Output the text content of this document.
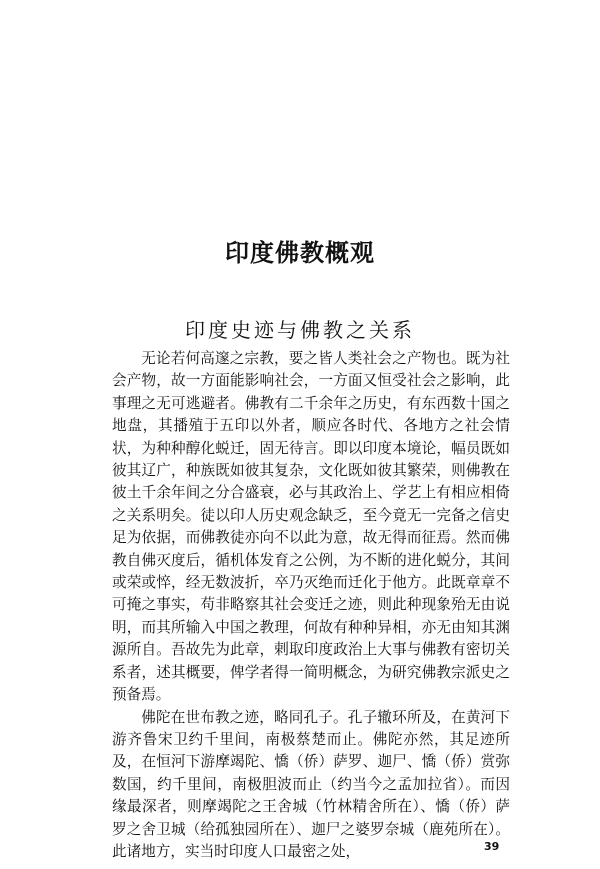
印度佛教概观
印度史迹与佛教之关系

无论若何高邃之宗教，要之皆人类社会之产物也。既为社会产物，故一方面能影响社会，一方面又恒受社会之影响，此事理之无可逃避者。佛教有二千余年之历史，有东西数十国之地盘，其播殖于五印以外者，顺应各时代、各地方之社会情状，为种种醇化蜕迁，固无待言。即以印度本境论，幅员既如彼其辽广，种族既如彼其复杂，文化既如彼其繁荣，则佛教在彼土千余年间之分合盛衰，必与其政治上、学艺上有相应相倚之关系明矣。徒以印人历史观念缺乏，至今竟无一完备之信史足为依据，而佛教徒亦向不以此为意，故无得而征焉。然而佛教自佛灭度后，循机体发育之公例，为不断的进化蜕分，其间或荣或悴，经无数波折，卒乃灭绝而迁化于他方。此既章章不可掩之事实，苟非略察其社会变迁之迹，则此种现象殆无由说明，而其所输入中国之教理，何故有种种异相，亦无由知其渊源所自。吾故先为此章，剌取印度政治上大事与佛教有密切关系者，述其概要，俾学者得一简明概念，为研究佛教宗派史之预备焉。

佛陀在世布教之迹，略同孔子。孔子辙环所及，在黄河下游齐鲁宋卫约千里间，南极蔡楚而止。佛陀亦然，其足迹所及，在恒河下游摩竭陀、憍（侨）萨罗、迦尸、憍（侨）赏弥数国，约千里间，南极胆波而止（约当今之孟加拉省）。而因缘最深者，则摩竭陀之王舍城（竹林精舍所在）、憍（侨）萨罗之舍卫城（给孤独园所在）、迦尸之婆罗奈城（鹿苑所在）。此诸地方，实当时印度人口最密之处，	39
